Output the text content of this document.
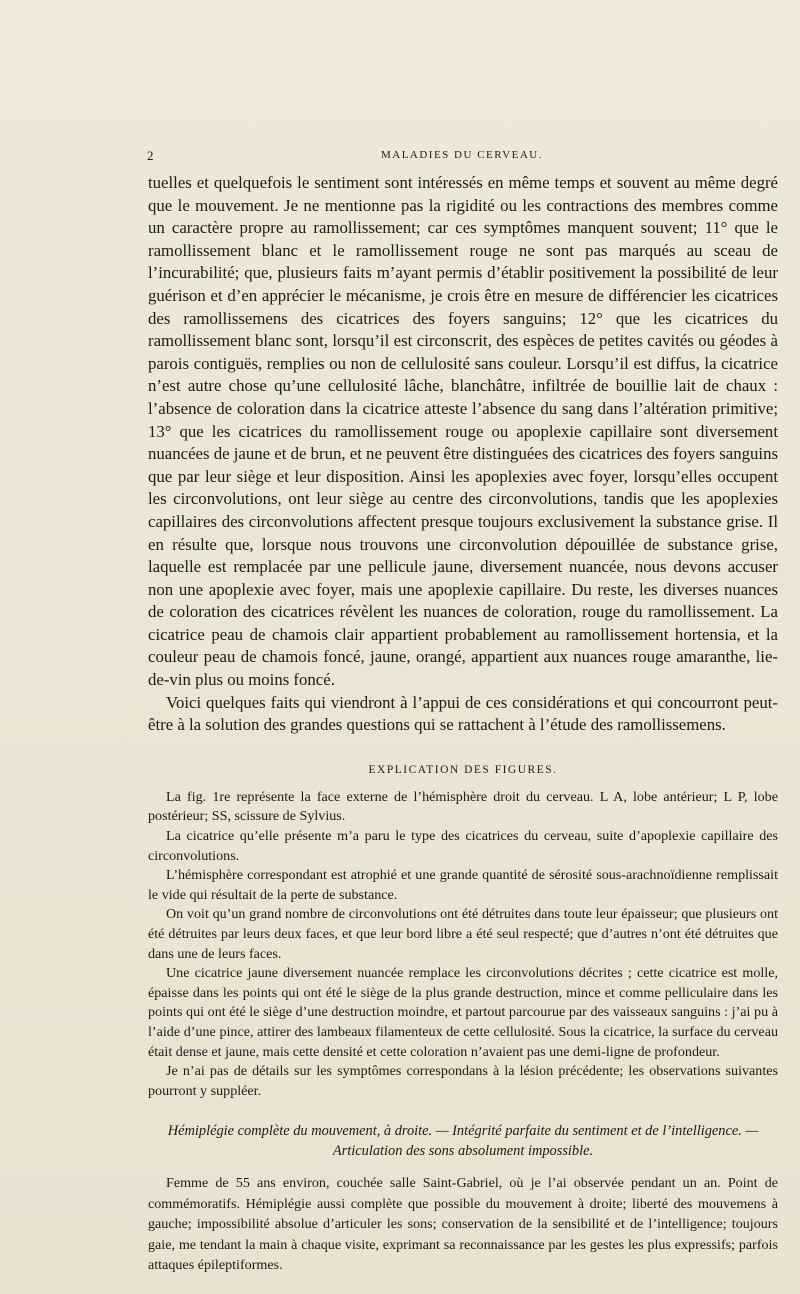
2	MALADIES DU CERVEAU.

tuelles et quelquefois le sentiment sont intéressés en même temps et souvent au même degré que le mouvement. Je ne mentionne pas la rigidité ou les contractions des membres comme un caractère propre au ramollissement; car ces symptômes manquent souvent; 11° que le ramollissement blanc et le ramollissement rouge ne sont pas marqués au sceau de l’incurabilité; que, plusieurs faits m’ayant permis d’établir positivement la possibilité de leur guérison et d’en apprécier le mécanisme, je crois être en mesure de différencier les cicatrices des ramollissemens des cicatrices des foyers sanguins; 12° que les cicatrices du ramollissement blanc sont, lorsqu’il est circonscrit, des espèces de petites cavités ou géodes à parois contiguës, remplies ou non de cellulosité sans couleur. Lorsqu’il est diffus, la cicatrice n’est autre chose qu’une cellulosité lâche, blanchâtre, infiltrée de bouillie lait de chaux : l’absence de coloration dans la cicatrice atteste l’absence du sang dans l’altération primitive; 13° que les cicatrices du ramollissement rouge ou apoplexie capillaire sont diversement nuancées de jaune et de brun, et ne peuvent être distinguées des cicatrices des foyers sanguins que par leur siège et leur disposition. Ainsi les apoplexies avec foyer, lorsqu’elles occupent les circonvolutions, ont leur siège au centre des circonvolutions, tandis que les apoplexies capillaires des circonvolutions affectent presque toujours exclusivement la substance grise. Il en résulte que, lorsque nous trouvons une circonvolution dépouillée de substance grise, laquelle est remplacée par une pellicule jaune, diversement nuancée, nous devons accuser non une apoplexie avec foyer, mais une apoplexie capillaire. Du reste, les diverses nuances de coloration des cicatrices révèlent les nuances de coloration, rouge du ramollissement. La cicatrice peau de chamois clair appartient probablement au ramollissement hortensia, et la couleur peau de chamois foncé, jaune, orangé, appartient aux nuances rouge amaranthe, lie-de-vin plus ou moins foncé.

Voici quelques faits qui viendront à l’appui de ces considérations et qui concourront peut-être à la solution des grandes questions qui se rattachent à l’étude des ramollissemens.

EXPLICATION DES FIGURES.

La fig. 1re représente la face externe de l’hémisphère droit du cerveau. L A, lobe antérieur; L P, lobe postérieur; SS, scissure de Sylvius.

La cicatrice qu’elle présente m’a paru le type des cicatrices du cerveau, suite d’apoplexie capillaire des circonvolutions.

L’hémisphère correspondant est atrophié et une grande quantité de sérosité sous-arachnoïdienne remplissait le vide qui résultait de la perte de substance.

On voit qu’un grand nombre de circonvolutions ont été détruites dans toute leur épaisseur; que plusieurs ont été détruites par leurs deux faces, et que leur bord libre a été seul respecté; que d’autres n’ont été détruites que dans une de leurs faces.

Une cicatrice jaune diversement nuancée remplace les circonvolutions décrites ; cette cicatrice est molle, épaisse dans les points qui ont été le siège de la plus grande destruction, mince et comme pelliculaire dans les points qui ont été le siège d’une destruction moindre, et partout parcourue par des vaisseaux sanguins : j’ai pu à l’aide d’une pince, attirer des lambeaux filamenteux de cette cellulosité. Sous la cicatrice, la surface du cerveau était dense et jaune, mais cette densité et cette coloration n’avaient pas une demi-ligne de profondeur.

Je n’ai pas de détails sur les symptômes correspondans à la lésion précédente; les observations suivantes pourront y suppléer.

Hémiplégie complète du mouvement, à droite. — Intégrité parfaite du sentiment et de l’intelligence. —
Articulation des sons absolument impossible.

Femme de 55 ans environ, couchée salle Saint-Gabriel, où je l’ai observée pendant un an. Point de commémoratifs. Hémiplégie aussi complète que possible du mouvement à droite; liberté des mouvemens à gauche; impossibilité absolue d’articuler les sons; conservation de la sensibilité et de l’intelligence; toujours gaie, me tendant la main à chaque visite, exprimant sa reconnaissance par les gestes les plus expressifs; parfois attaques épileptiformes.
